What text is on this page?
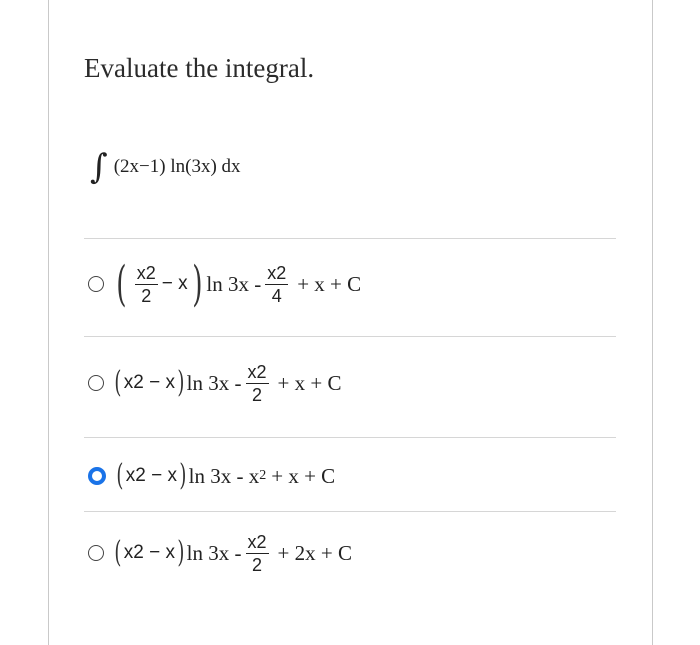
Evaluate the integral.
∫ (2x−1) ln(3x) dx
( $\frac{x2}{2} - x$ ) $\ln 3x - \frac{x2}{4} + x + C$
( x2 − x ) $\ln 3x - \frac{x2}{2} + x + C$
( x2 − x ) ln 3x - x 2 + x + C
( x2 − x ) $\ln 3x - \frac{x2}{2} + 2x + C$
